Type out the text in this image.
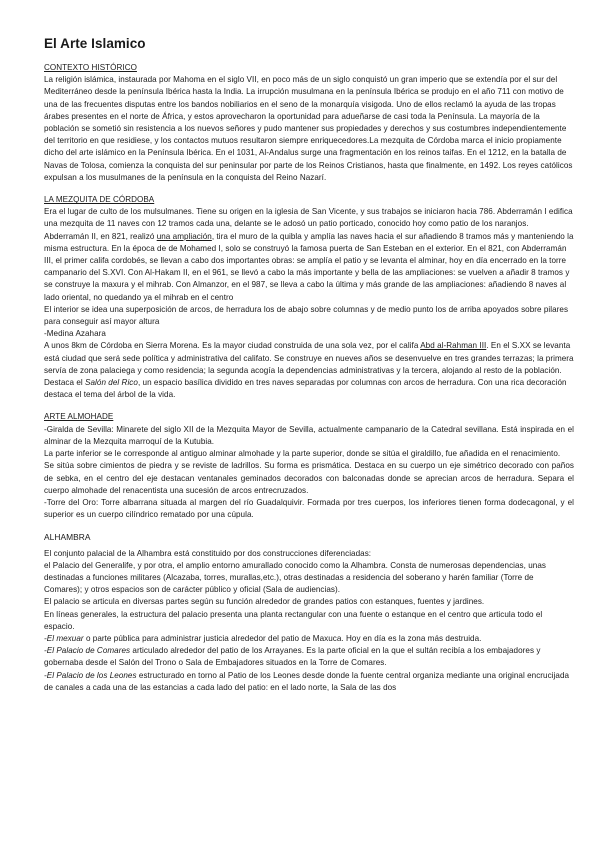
El Arte Islamico

CONTEXTO HISTÓRICO

La religión islámica, instaurada por Mahoma en el siglo VII, en poco más de un siglo conquistó un gran imperio que se extendía por el sur del Mediterráneo desde la península Ibérica hasta la India. La irrupción musulmana en la península Ibérica se produjo en el año 711 con motivo de una de las frecuentes disputas entre los bandos nobiliarios en el seno de la monarquía visigoda. Uno de ellos reclamó la ayuda de las tropas árabes presentes en el norte de África, y estos aprovecharon la oportunidad para adueñarse de casi toda la Península. La mayoría de la población se sometió sin resistencia a los nuevos señores y pudo mantener sus propiedades y derechos y sus costumbres independientemente del territorio en que residiese, y los contactos mutuos resultaron siempre enriquecedores.La mezquita de Córdoba marca el inicio propiamente dicho del arte islámico en la Península Ibérica. En el 1031, Al-Andalus surge una fragmentación en los reinos taifas. En el 1212, en la batalla de Navas de Tolosa, comienza la conquista del sur peninsular por parte de los Reinos Cristianos, hasta que finalmente, en 1492. Los reyes católicos expulsan a los musulmanes de la península en la conquista del Reino Nazarí.

LA MEZQUITA DE CÓRDOBA

Era el lugar de culto de los mulsulmanes. Tiene su origen en la iglesia de San Vicente, y sus trabajos se iniciaron hacia 786. Abderramán I edifica una mezquita de 11 naves con 12 tramos cada una, delante se le adosó un patio porticado, conocido hoy como patio de los naranjos. Abderramán II, en 821, realizó una ampliación, tira el muro de la quibla y amplía las naves hacia el sur añadiendo 8 tramos más y manteniendo la misma estructura. En la época de de Mohamed I, solo se construyó la famosa puerta de San Esteban en el exterior. En el 821, con Abderramán III, el primer califa cordobés, se llevan a cabo dos importantes obras: se amplía el patio y se levanta el alminar, hoy en día encerrado en la torre campanario del S.XVI. Con Al-Hakam II, en el 961, se llevó a cabo la más importante y bella de las ampliaciones: se vuelven a añadir 8 tramos y se construye la maxura y el mihrab. Con Almanzor, en el 987, se lleva a cabo la última y más grande de las ampliaciones: añadiendo 8 naves al lado oriental, no quedando ya el mihrab en el centro

El interior se idea una superposición de arcos, de herradura los de abajo sobre columnas y de medio punto los de arriba apoyados sobre pilares para conseguir así mayor altura

-Medina Azahara

A unos 8km de Córdoba en Sierra Morena. Es la mayor ciudad construida de una sola vez, por el califa Abd al-Rahman III. En el S.XX se levanta está ciudad que será sede política y administrativa del califato. Se construye en nueves años se desenvuelve en tres grandes terrazas; la primera servía de zona palaciega y como residencia; la segunda acogía la dependencias administrativas y la tercera, alojando al resto de la población. Destaca el Salón del Rico, un espacio basílica dividido en tres naves separadas por columnas con arcos de herradura. Con una rica decoración destaca el tema del árbol de la vida.

ARTE ALMOHADE

-Giralda de Sevilla: Minarete del siglo XII de la Mezquita Mayor de Sevilla, actualmente campanario de la Catedral sevillana. Está inspirada en el alminar de la Mezquita marroquí de la Kutubia.

La parte inferior se le corresponde al antiguo alminar almohade y la parte superior, donde se sitúa el giraldillo, fue añadida en el renacimiento.

Se sitúa sobre cimientos de piedra y se reviste de ladrillos. Su forma es prismática. Destaca en su cuerpo un eje simétrico decorado con paños de sebka, en el centro del eje destacan ventanales geminados decorados con balconadas donde se aprecian arcos de herradura. Separa el cuerpo almohade del renacentista una sucesión de arcos entrecruzados.

-Torre del Oro: Torre albarrana situada al margen del río Guadalquivir. Formada por tres cuerpos, los inferiores tienen forma dodecagonal, y el superior es un cuerpo cilíndrico rematado por una cúpula.

ALHAMBRA

El conjunto palacial de la Alhambra está constituido por dos construcciones diferenciadas:

el Palacio del Generalife, y por otra, el amplio entorno amurallado conocido como la Alhambra. Consta de numerosas dependencias, unas destinadas a funciones militares (Alcazaba, torres, murallas,etc.), otras destinadas a residencia del soberano y harén familiar (Torre de Comares); y otros espacios son de carácter público y oficial (Sala de audiencias).

El palacio se articula en diversas partes según su función alrededor de grandes patios con estanques, fuentes y jardines.

En líneas generales, la estructura del palacio presenta una planta rectangular con una fuente o estanque en el centro que articula todo el espacio.

-El mexuar o parte pública para administrar justicia alrededor del patio de Maxuca. Hoy en día es la zona más destruida.

-El Palacio de Comares articulado alrededor del patio de los Arrayanes. Es la parte oficial en la que el sultán recibía a los embajadores y gobernaba desde el Salón del Trono o Sala de Embajadores situados en la Torre de Comares.

-El Palacio de los Leones estructurado en torno al Patio de los Leones desde donde la fuente central organiza mediante una original encrucijada de canales a cada una de las estancias a cada lado del patio: en el lado norte, la Sala de las dos
